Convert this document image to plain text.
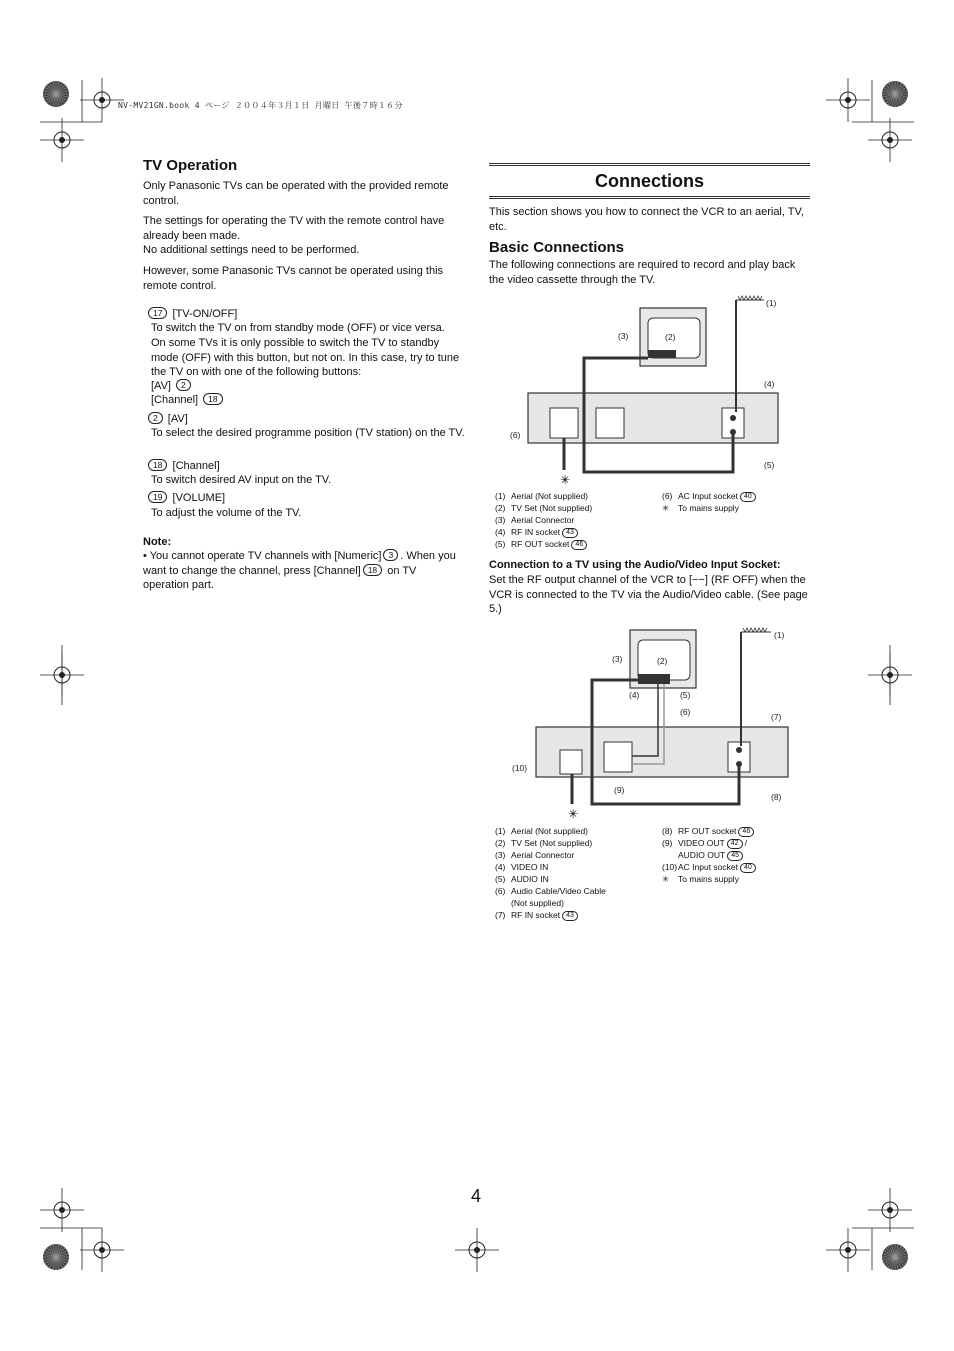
NV-MV21GN.book 4 ページ ２００４年３月１日 月曜日 午後７時１６分
TV Operation
Only Panasonic TVs can be operated with the provided remote control.
The settings for operating the TV with the remote control have already been made.
No additional settings need to be performed.
However, some Panasonic TVs cannot be operated using this remote control.
17 [TV-ON/OFF]
To switch the TV on from standby mode (OFF) or vice versa.
On some TVs it is only possible to switch the TV to standby mode (OFF) with this button, but not on. In this case, try to tune the TV on with one of the following buttons:
[AV] 2
[Channel] 18
2 [AV]
To select the desired programme position (TV station) on the TV.
18 [Channel]
To switch desired AV input on the TV.
19 [VOLUME]
To adjust the volume of the TV.
Note:
• You cannot operate TV channels with [Numeric] 3 . When you want to change the channel, press [Channel] 18 on TV operation part.
Connections
This section shows you how to connect the VCR to an aerial, TV, etc.
Basic Connections
The following connections are required to record and play back the video cassette through the TV.
✳
(1)
(2)
(3)
(4)
(5)
(6)
(1) Aerial (Not supplied)
(2) TV Set (Not supplied)
(3) Aerial Connector
(4) RF IN socket 43
(5) RF OUT socket 46
(6) AC Input socket 40
✳ To mains supply
Connection to a TV using the Audio/Video Input Socket:
Set the RF output channel of the VCR to [−−] (RF OFF) when the VCR is connected to the TV via the Audio/Video cable. (See page 5.)
✳
(1)
(2)
(3)
(4)	(5)
(6)	(7)
(8)
(9)
(10)
(1) Aerial (Not supplied)
(2) TV Set (Not supplied)
(3) Aerial Connector
(4) VIDEO IN
(5) AUDIO IN
(6) Audio Cable/Video Cable
(Not supplied)
(7) RF IN socket 43
(8) RF OUT socket 46
(9) VIDEO OUT 42 /
AUDIO OUT 45
(10)AC Input socket 40
✳ To mains supply
4
